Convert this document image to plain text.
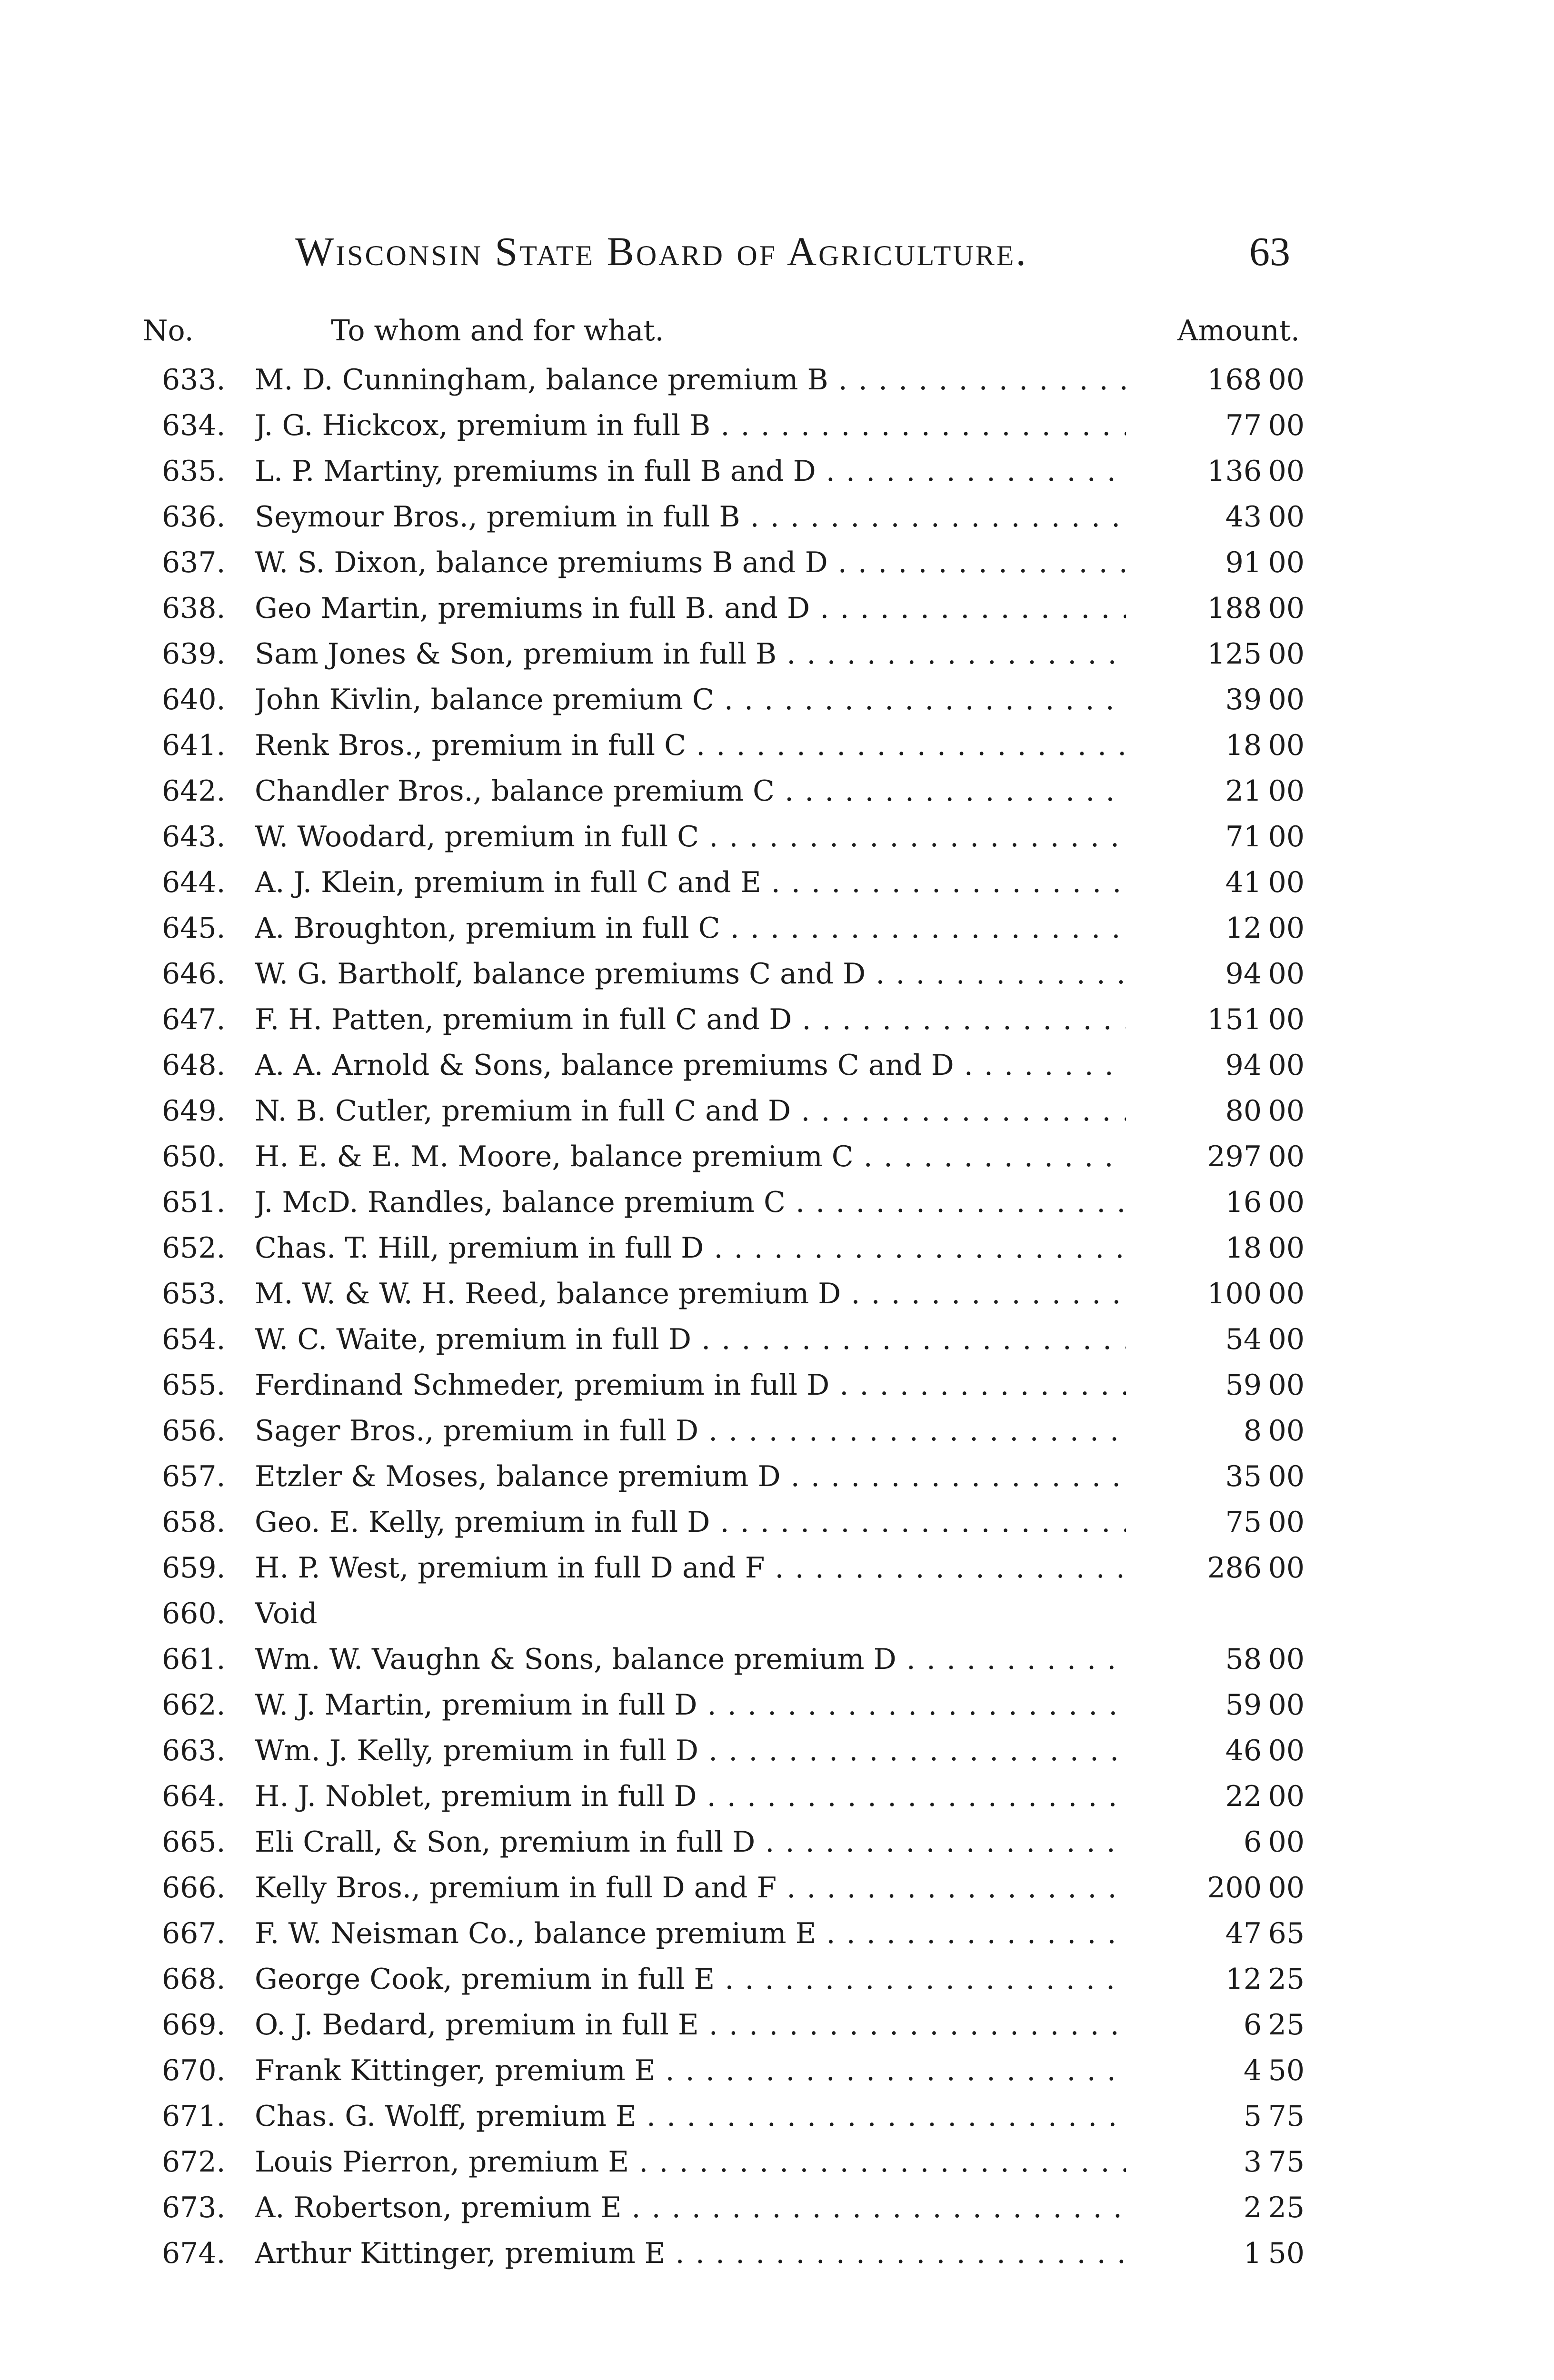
Wisconsin State Board of Agriculture.	63
No.	To whom and for what.	Amount.
633.	M. D. Cunningham, balance premium B . . .	168 00
634.	J. G. Hickcox, premium in full B . . .	77 00
635.	L. P. Martiny, premiums in full B and D . . .	136 00
636.	Seymour Bros., premium in full B . . .	43 00
637.	W. S. Dixon, balance premiums B and D . . .	91 00
638.	Geo Martin, premiums in full B. and D . . .	188 00
639.	Sam Jones & Son, premium in full B . . .	125 00
640.	John Kivlin, balance premium C . . .	39 00
641.	Renk Bros., premium in full C . . .	18 00
642.	Chandler Bros., balance premium C . . .	21 00
643.	W. Woodard, premium in full C . . .	71 00
644.	A. J. Klein, premium in full C and E . . .	41 00
645.	A. Broughton, premium in full C . . .	12 00
646.	W. G. Bartholf, balance premiums C and D . . .	94 00
647.	F. H. Patten, premium in full C and D . . .	151 00
648.	A. A. Arnold & Sons, balance premiums C and D . . .	94 00
649.	N. B. Cutler, premium in full C and D . . .	80 00
650.	H. E. & E. M. Moore, balance premium C . . .	297 00
651.	J. McD. Randles, balance premium C . . .	16 00
652.	Chas. T. Hill, premium in full D . . .	18 00
653.	M. W. & W. H. Reed, balance premium D . . .	100 00
654.	W. C. Waite, premium in full D . . .	54 00
655.	Ferdinand Schmeder, premium in full D . . .	59 00
656.	Sager Bros., premium in full D . . .	8 00
657.	Etzler & Moses, balance premium D . . .	35 00
658.	Geo. E. Kelly, premium in full D . . .	75 00
659.	H. P. West, premium in full D and F . . .	286 00
660.	Void
661.	Wm. W. Vaughn & Sons, balance premium D . . .	58 00
662.	W. J. Martin, premium in full D . . .	59 00
663.	Wm. J. Kelly, premium in full D . . .	46 00
664.	H. J. Noblet, premium in full D . . .	22 00
665.	Eli Crall, & Son, premium in full D . . .	6 00
666.	Kelly Bros., premium in full D and F . . .	200 00
667.	F. W. Neisman Co., balance premium E . . .	47 65
668.	George Cook, premium in full E . . .	12 25
669.	O. J. Bedard, premium in full E . . .	6 25
670.	Frank Kittinger, premium E . . .	4 50
671.	Chas. G. Wolff, premium E . . .	5 75
672.	Louis Pierron, premium E . . .	3 75
673.	A. Robertson, premium E . . .	2 25
674.	Arthur Kittinger, premium E . . .	1 50
